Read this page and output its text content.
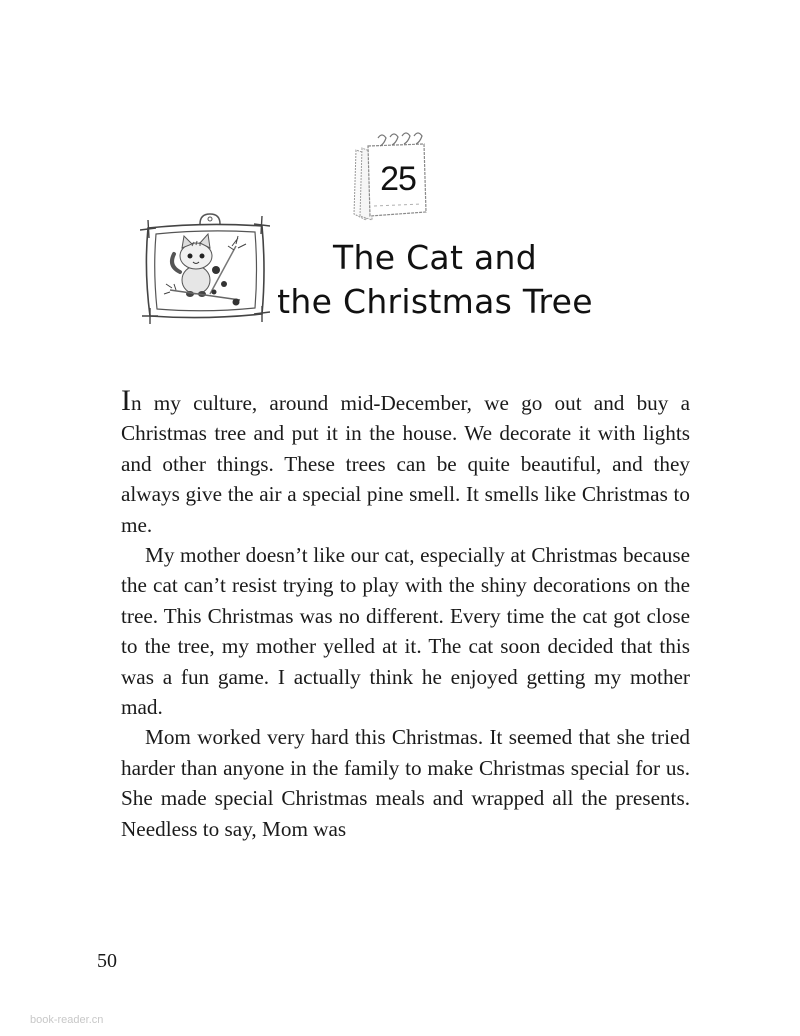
25
The Cat and
the Christmas Tree

In my culture, around mid-December, we go out and buy a Christmas tree and put it in the house. We decorate it with lights and other things. These trees can be quite beautiful, and they always give the air a special pine smell. It smells like Christmas to me.

My mother doesn’t like our cat, especially at Christmas because the cat can’t resist trying to play with the shiny decorations on the tree. This Christmas was no different. Every time the cat got close to the tree, my mother yelled at it. The cat soon decided that this was a fun game. I actually think he enjoyed getting my mother mad.

Mom worked very hard this Christmas. It seemed that she tried harder than anyone in the family to make Christmas special for us. She made special Christmas meals and wrapped all the presents. Needless to say, Mom was

50
book-reader.cn
